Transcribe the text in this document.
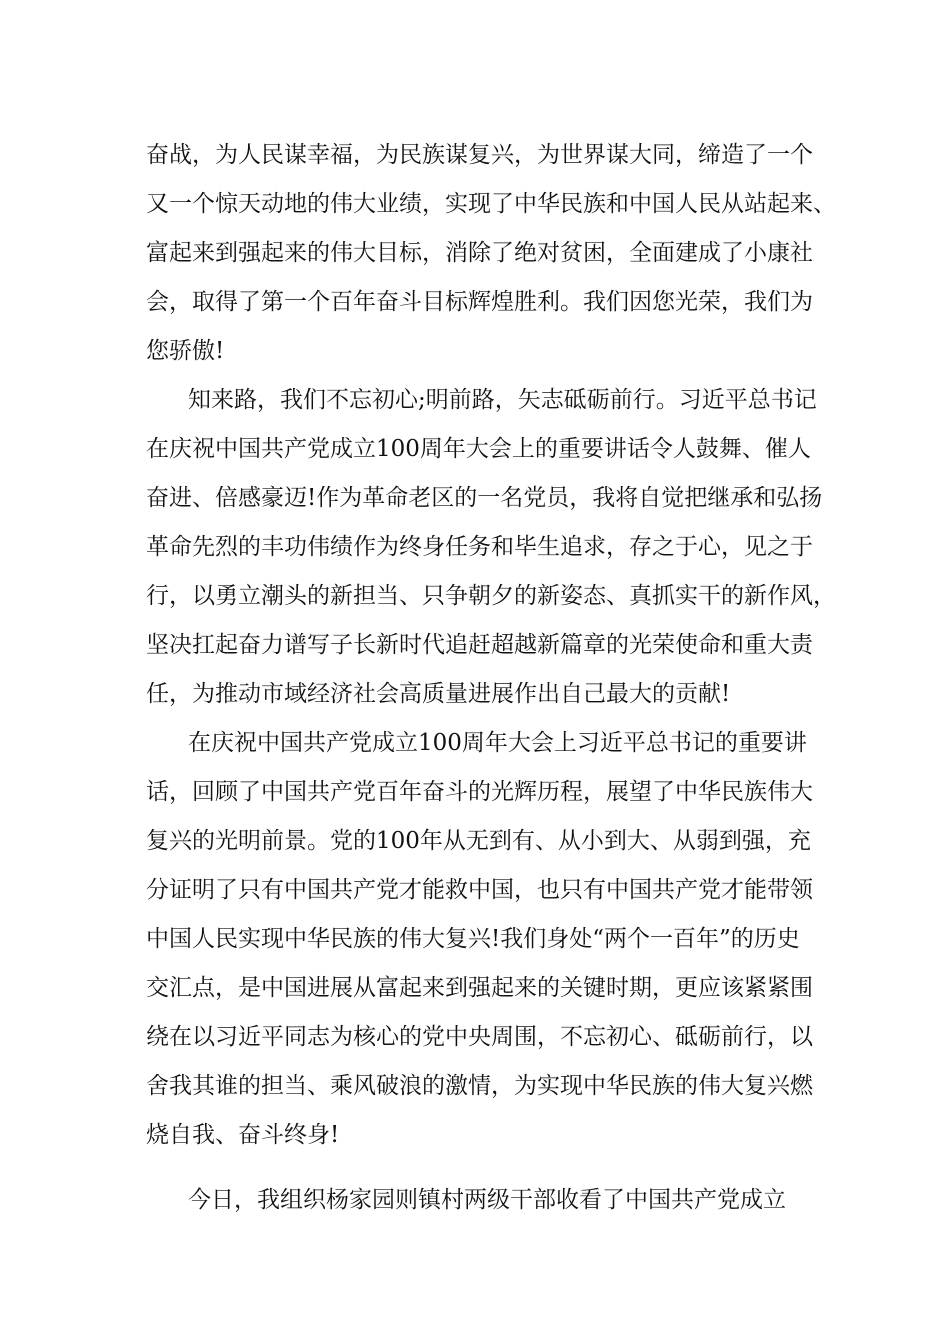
奋战，为人民谋幸福，为民族谋复兴，为世界谋大同，缔造了一个
又一个惊天动地的伟大业绩，实现了中华民族和中国人民从站起来、
富起来到强起来的伟大目标，消除了绝对贫困，全面建成了小康社
会，取得了第一个百年奋斗目标辉煌胜利。我们因您光荣，我们为
您骄傲!
知来路，我们不忘初心;明前路，矢志砥砺前行。习近平总书记
在庆祝中国共产党成立100周年大会上的重要讲话令人鼓舞、催人
奋进、倍感豪迈!作为革命老区的一名党员，我将自觉把继承和弘扬
革命先烈的丰功伟绩作为终身任务和毕生追求，存之于心，见之于
行，以勇立潮头的新担当、只争朝夕的新姿态、真抓实干的新作风，
坚决扛起奋力谱写子长新时代追赶超越新篇章的光荣使命和重大责
任，为推动市域经济社会高质量进展作出自己最大的贡献!
在庆祝中国共产党成立100周年大会上习近平总书记的重要讲
话，回顾了中国共产党百年奋斗的光辉历程，展望了中华民族伟大
复兴的光明前景。党的100年从无到有、从小到大、从弱到强，充
分证明了只有中国共产党才能救中国，也只有中国共产党才能带领
中国人民实现中华民族的伟大复兴!我们身处“两个一百年”的历史
交汇点，是中国进展从富起来到强起来的关键时期，更应该紧紧围
绕在以习近平同志为核心的党中央周围，不忘初心、砥砺前行，以
舍我其谁的担当、乘风破浪的激情，为实现中华民族的伟大复兴燃
烧自我、奋斗终身!
今日，我组织杨家园则镇村两级干部收看了中国共产党成立
